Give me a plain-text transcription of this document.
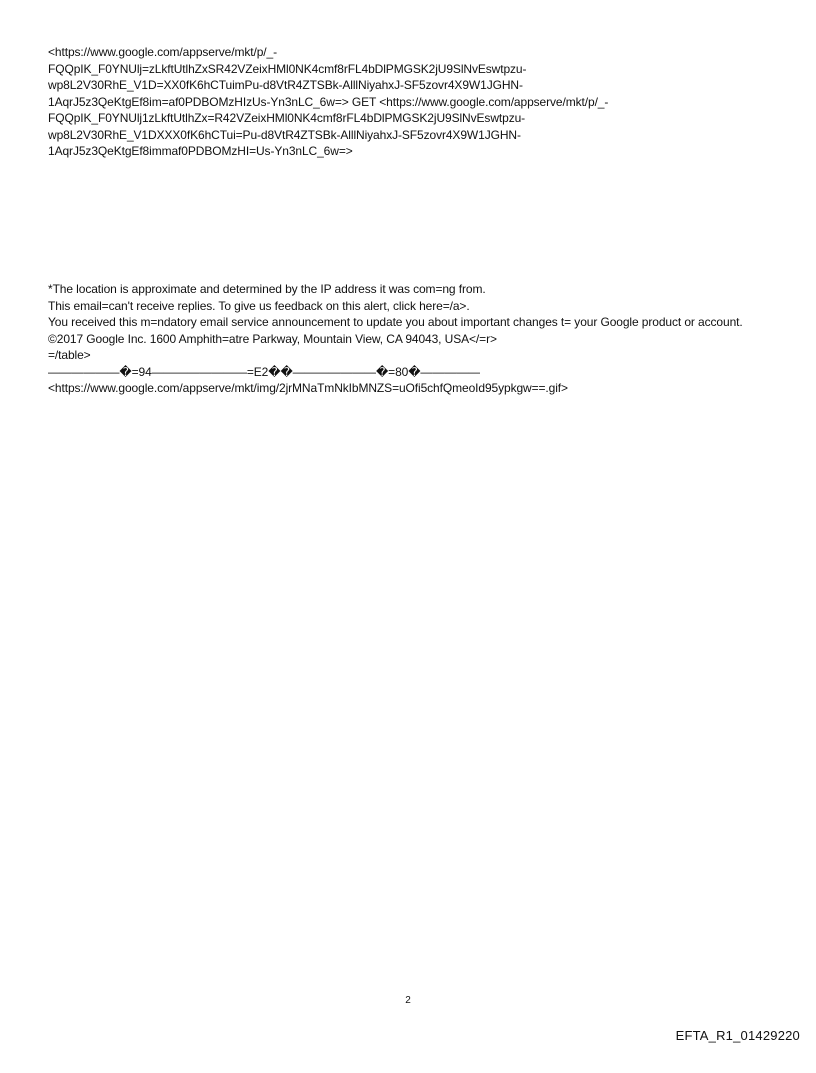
<https://www.google.com/appserve/mkt/p/_-
FQQpIK_F0YNUlj=zLkftUtlhZxSR42VZeixHMl0NK4cmf8rFL4bDlPMGSK2jU9SlNvEswtpzu-
wp8L2V30RhE_V1D=XX0fK6hCTuimPu-d8VtR4ZTSBk-AlllNiyahxJ-SF5zovr4X9W1JGHN-
1AqrJ5z3QeKtgEf8im=af0PDBOMzHIzUs-Yn3nLC_6w=> GET <https://www.google.com/appserve/mkt/p/_-
FQQpIK_F0YNUlj1zLkftUtlhZx=R42VZeixHMl0NK4cmf8rFL4bDlPMGSK2jU9SlNvEswtpzu-
wp8L2V30RhE_V1DXXX0fK6hCTui=Pu-d8VtR4ZTSBk-AlllNiyahxJ-SF5zovr4X9W1JGHN-
1AqrJ5z3QeKtgEf8immaf0PDBOMzHI=Us-Yn3nLC_6w=>
*The location is approximate and determined by the IP address it was com=ng from.
This email=can't receive replies. To give us feedback on this alert, click here=/a>.
You received this m=ndatory email service announcement to update you about important changes t= your Google product or account.
©2017 Google Inc. 1600 Amphith=atre Parkway, Mountain View, CA 94043, USA</=r>
=/table>
——————�=94————————=E2��———————�=80�—————
<https://www.google.com/appserve/mkt/img/2jrMNaTmNkIbMNZS=uOfi5chfQmeoId95ypkgw==.gif>
2
EFTA_R1_01429220
